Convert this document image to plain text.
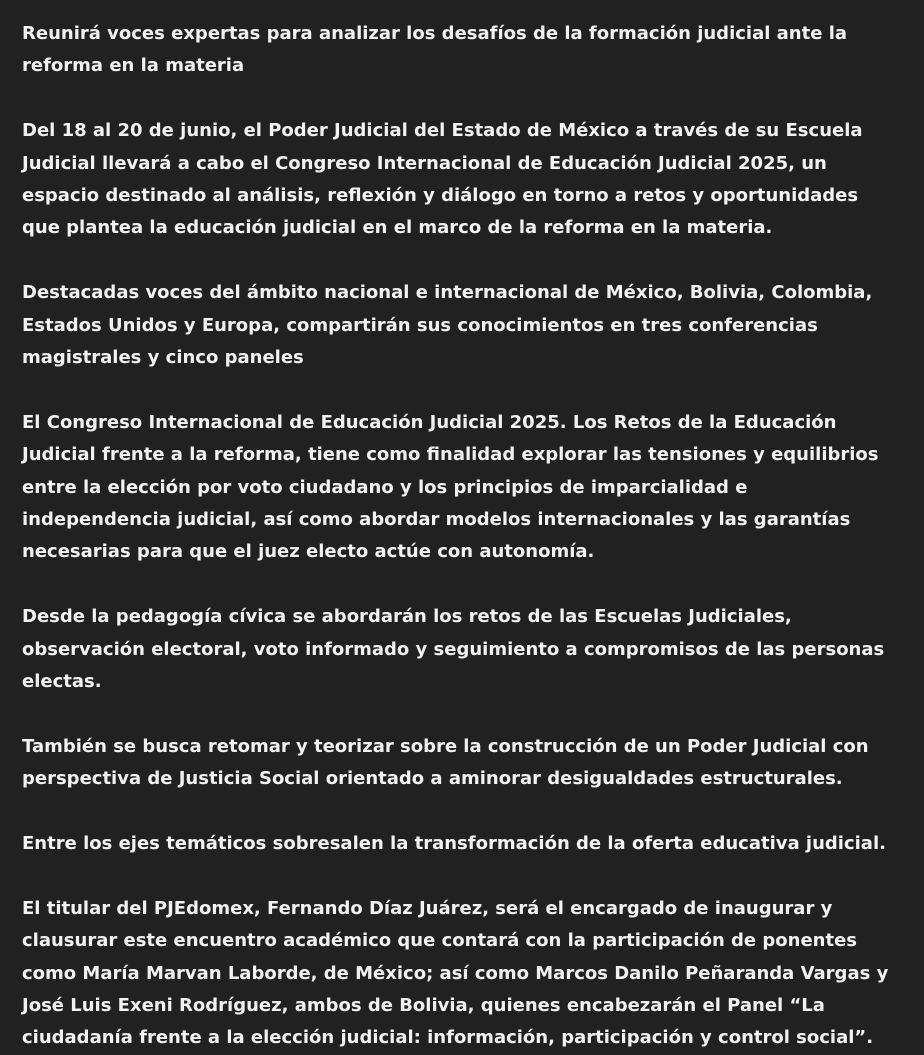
Reunirá voces expertas para analizar los desafíos de la formación judicial ante la reforma en la materia

Del 18 al 20 de junio, el Poder Judicial del Estado de México a través de su Escuela Judicial llevará a cabo el Congreso Internacional de Educación Judicial 2025, un espacio destinado al análisis, reflexión y diálogo en torno a retos y oportunidades que plantea la educación judicial en el marco de la reforma en la materia.

Destacadas voces del ámbito nacional e internacional de México, Bolivia, Colombia, Estados Unidos y Europa, compartirán sus conocimientos en tres conferencias magistrales y cinco paneles

El Congreso Internacional de Educación Judicial 2025. Los Retos de la Educación Judicial frente a la reforma, tiene como finalidad explorar las tensiones y equilibrios entre la elección por voto ciudadano y los principios de imparcialidad e independencia judicial, así como abordar modelos internacionales y las garantías necesarias para que el juez electo actúe con autonomía.

Desde la pedagogía cívica se abordarán los retos de las Escuelas Judiciales, observación electoral, voto informado y seguimiento a compromisos de las personas electas.

También se busca retomar y teorizar sobre la construcción de un Poder Judicial con perspectiva de Justicia Social orientado a aminorar desigualdades estructurales.

Entre los ejes temáticos sobresalen la transformación de la oferta educativa judicial.

El titular del PJEdomex, Fernando Díaz Juárez, será el encargado de inaugurar y clausurar este encuentro académico que contará con la participación de ponentes como María Marvan Laborde, de México; así como Marcos Danilo Peñaranda Vargas y José Luis Exeni Rodríguez, ambos de Bolivia, quienes encabezarán el Panel “La ciudadanía frente a la elección judicial: información, participación y control social”.
